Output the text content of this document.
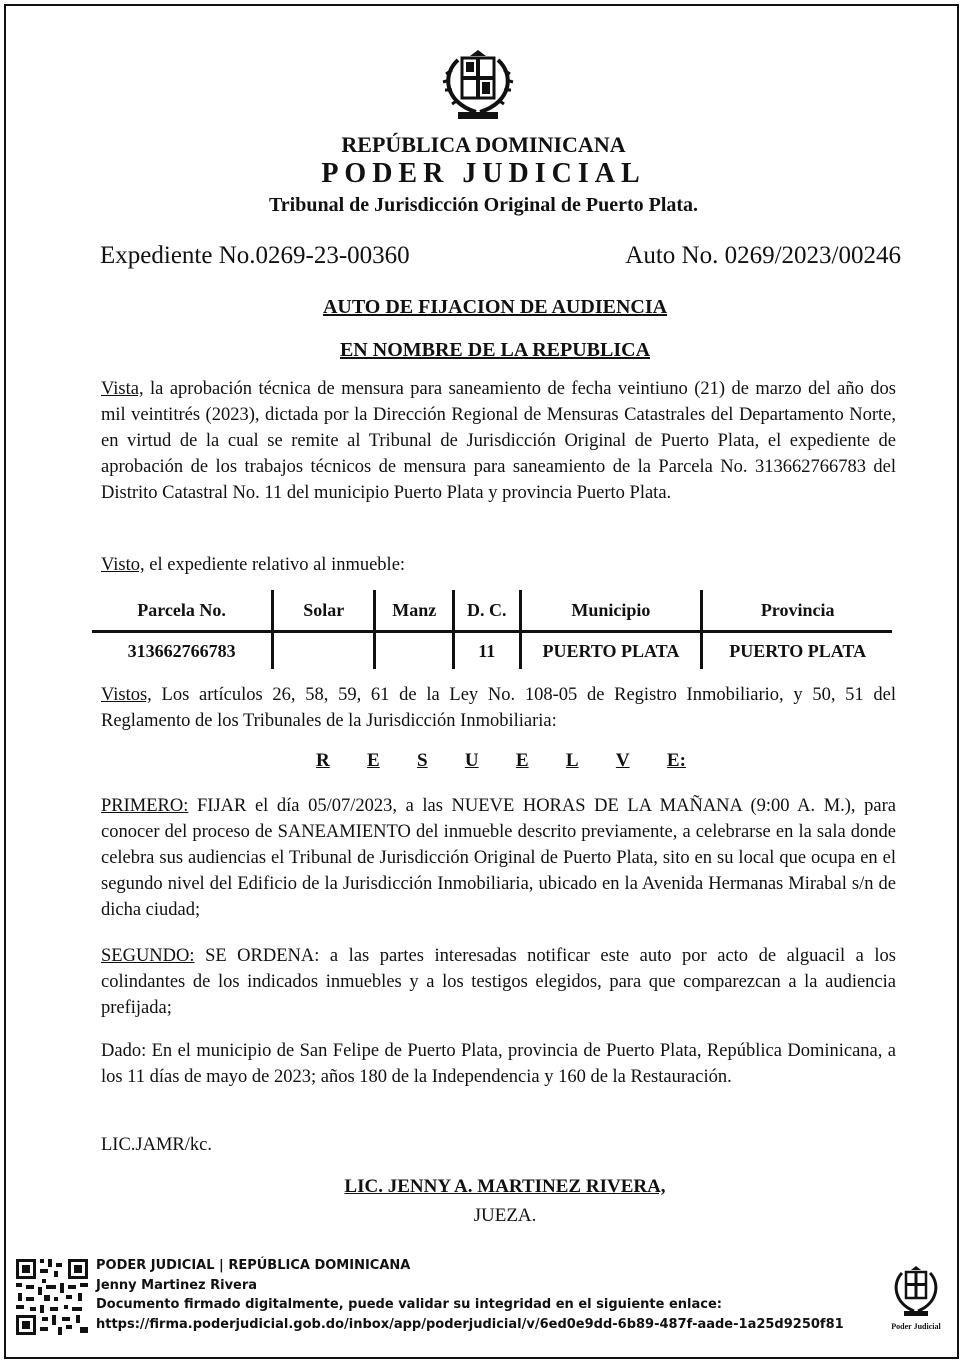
REPÚBLICA DOMINICANA
PODER JUDICIAL
Tribunal de Jurisdicción Original de Puerto Plata.
Expediente No.0269-23-00360	Auto No. 0269/2023/00246
AUTO DE FIJACION DE AUDIENCIA
EN NOMBRE DE LA REPUBLICA
Vista, la aprobación técnica de mensura para saneamiento de fecha veintiuno (21) de marzo del año dos mil veintitrés (2023), dictada por la Dirección Regional de Mensuras Catastrales del Departamento Norte, en virtud de la cual se remite al Tribunal de Jurisdicción Original de Puerto Plata, el expediente de aprobación de los trabajos técnicos de mensura para saneamiento de la Parcela No. 313662766783 del Distrito Catastral No. 11 del municipio Puerto Plata y provincia Puerto Plata.
Visto, el expediente relativo al inmueble:
Parcela No.	Solar	Manz	D. C.	Municipio	Provincia
313662766783			11	PUERTO PLATA	PUERTO PLATA
Vistos, Los artículos 26, 58, 59, 61 de la Ley No. 108-05 de Registro Inmobiliario, y 50, 51 del Reglamento de los Tribunales de la Jurisdicción Inmobiliaria:
R E S U E L V E:
PRIMERO: FIJAR el día 05/07/2023, a las NUEVE HORAS DE LA MAÑANA (9:00 A. M.), para conocer del proceso de SANEAMIENTO del inmueble descrito previamente, a celebrarse en la sala donde celebra sus audiencias el Tribunal de Jurisdicción Original de Puerto Plata, sito en su local que ocupa en el segundo nivel del Edificio de la Jurisdicción Inmobiliaria, ubicado en la Avenida Hermanas Mirabal s/n de dicha ciudad;
SEGUNDO: SE ORDENA: a las partes interesadas notificar este auto por acto de alguacil a los colindantes de los indicados inmuebles y a los testigos elegidos, para que comparezcan a la audiencia prefijada;
Dado: En el municipio de San Felipe de Puerto Plata, provincia de Puerto Plata, República Dominicana, a los 11 días de mayo de 2023; años 180 de la Independencia y 160 de la Restauración.
LIC.JAMR/kc.
LIC. JENNY A. MARTINEZ RIVERA,
JUEZA.
PODER JUDICIAL | REPÚBLICA DOMINICANA
Jenny Martinez Rivera
Documento firmado digitalmente, puede validar su integridad en el siguiente enlace:
https://firma.poderjudicial.gob.do/inbox/app/poderjudicial/v/6ed0e9dd-6b89-487f-aade-1a25d9250f81	Poder Judicial
